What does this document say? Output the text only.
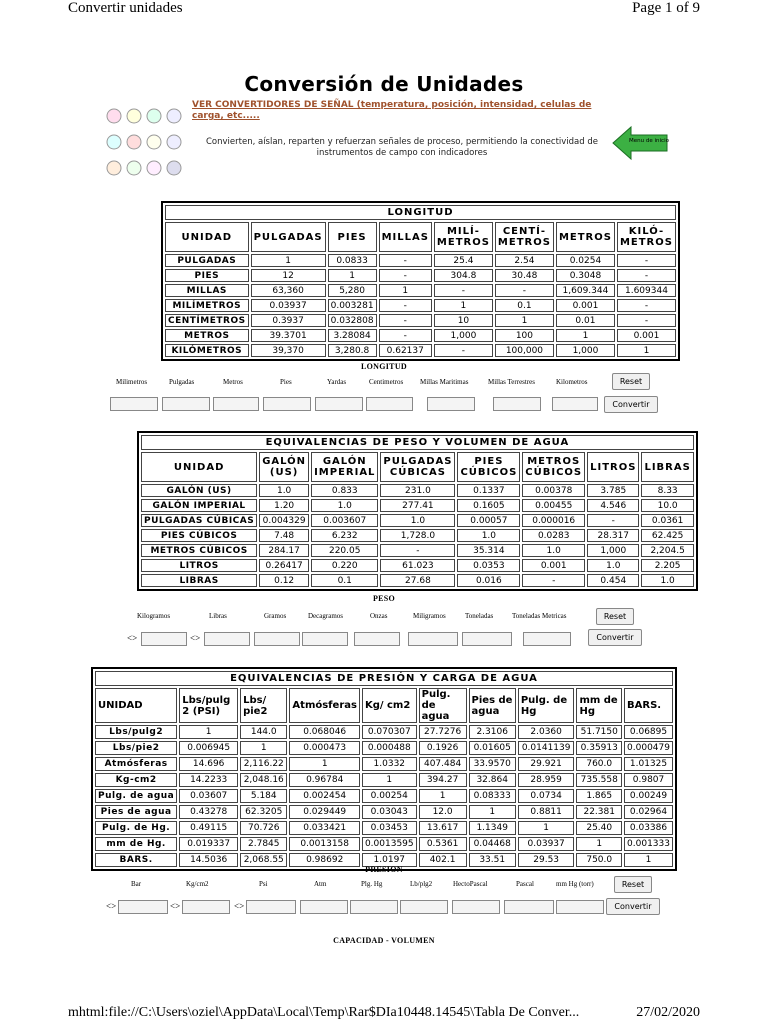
Convertir unidades	Page 1 of 9
Conversión de Unidades
VER CONVERTIDORES DE SEÑAL (temperatura, posición, intensidad, celulas de carga, etc.....
Convierten, aíslan, reparten y refuerzan señales de proceso, permitiendo la conectividad de instrumentos de campo con indicadores
Menu de inicio
LONGITUD							
UNIDAD	PULGADAS	PIES	MILLAS	MILÍ-METROS	CENTÍ-METROS	METROS	KILÓ-METROS
PULGADAS	1	0.0833	-	25.4	2.54	0.0254	-
PIES	12	1	-	304.8	30.48	0.3048	-
MILLAS	63,360	5,280	1	-	-	1,609.344	1.609344
MILÍMETROS	0.03937	0.003281	-	1	0.1	0.001	-
CENTÍMETROS	0.3937	0.032808	-	10	1	0.01	-
METROS	39.3701	3.28084	-	1,000	100	1	0.001
KILÓMETROS	39,370	3,280.8	0.62137	-	100,000	1,000	1
LONGITUD
Milimetros	Pulgadas	Metros	Pies	Yardas	Centimetros Millas Maritimas	Millas Terrestres	Kilometros	Reset
Convertir
EQUIVALENCIAS DE PESO Y VOLUMEN DE AGUA							
UNIDAD	GALÓN (US)	GALÓN IMPERIAL	PULGADAS CÚBICAS	PIES CÚBICOS	METROS CÚBICOS	LITROS	LIBRAS
GALÓN (US)	1.0	0.833	231.0	0.1337	0.00378	3.785	8.33
GALÓN IMPERIAL	1.20	1.0	277.41	0.1605	0.00455	4.546	10.0
PULGADAS CÚBICAS	0.004329	0.003607	1.0	0.00057	0.000016	-	0.0361
PIES CÚBICOS	7.48	6.232	1,728.0	1.0	0.0283	28.317	62.425
METROS CÚBICOS	284.17	220.05	-	35.314	1.0	1,000	2,204.5
LITROS	0.26417	0.220	61.023	0.0353	0.001	1.0	2.205
LIBRAS	0.12	0.1	27.68	0.016	-	0.454	1.0
PESO
Kilogramos	Libras	Gramos	Decagramos	Onzas	Miligramos	Toneladas	Toneladas Metricas
<>	<>
Reset
Convertir
EQUIVALENCIAS DE PRESIÓN Y CARGA DE AGUA									
UNIDAD	Lbs/pulg 2 (PSI)	Lbs/ pie2	Atmósferas	Kg/ cm2	Pulg. de agua	Pies de agua	Pulg. de Hg	mm de Hg	BARS.
Lbs/pulg2	1	144.0	0.068046	0.070307	27.7276	2.3106	2.0360	51.7150	0.06895
Lbs/pie2	0.006945	1	0.000473	0.000488	0.1926	0.01605	0.0141139	0.35913	0.000479
Atmósferas	14.696	2,116.22	1	1.0332	407.484	33.9570	29.921	760.0	1.01325
Kg-cm2	14.2233	2,048.16	0.96784	1	394.27	32.864	28.959	735.558	0.9807
Pulg. de agua	0.03607	5.184	0.002454	0.00254	1	0.08333	0.0734	1.865	0.00249
Pies de agua	0.43278	62.3205	0.029449	0.03043	12.0	1	0.8811	22.381	0.02964
Pulg. de Hg.	0.49115	70.726	0.033421	0.03453	13.617	1.1349	1	25.40	0.03386
mm de Hg.	0.019337	2.7845	0.0013158	0.0013595	0.5361	0.04468	0.03937	1	0.001333
BARS.	14.5036	2,068.55	0.98692	1.0197	402.1	33.51	29.53	750.0	1
PRESION
Bar	Kg/cm2	Psi	Atm	Plg. Hg	Lb/plg2	HectoPascal	Pascal	mm Hg (torr)
<>	<>	<>
Reset
Convertir
CAPACIDAD - VOLUMEN
mhtml:file://C:\Users\oziel\AppData\Local\Temp\Rar$DIa10448.14545\Tabla De Conver...	27/02/2020
